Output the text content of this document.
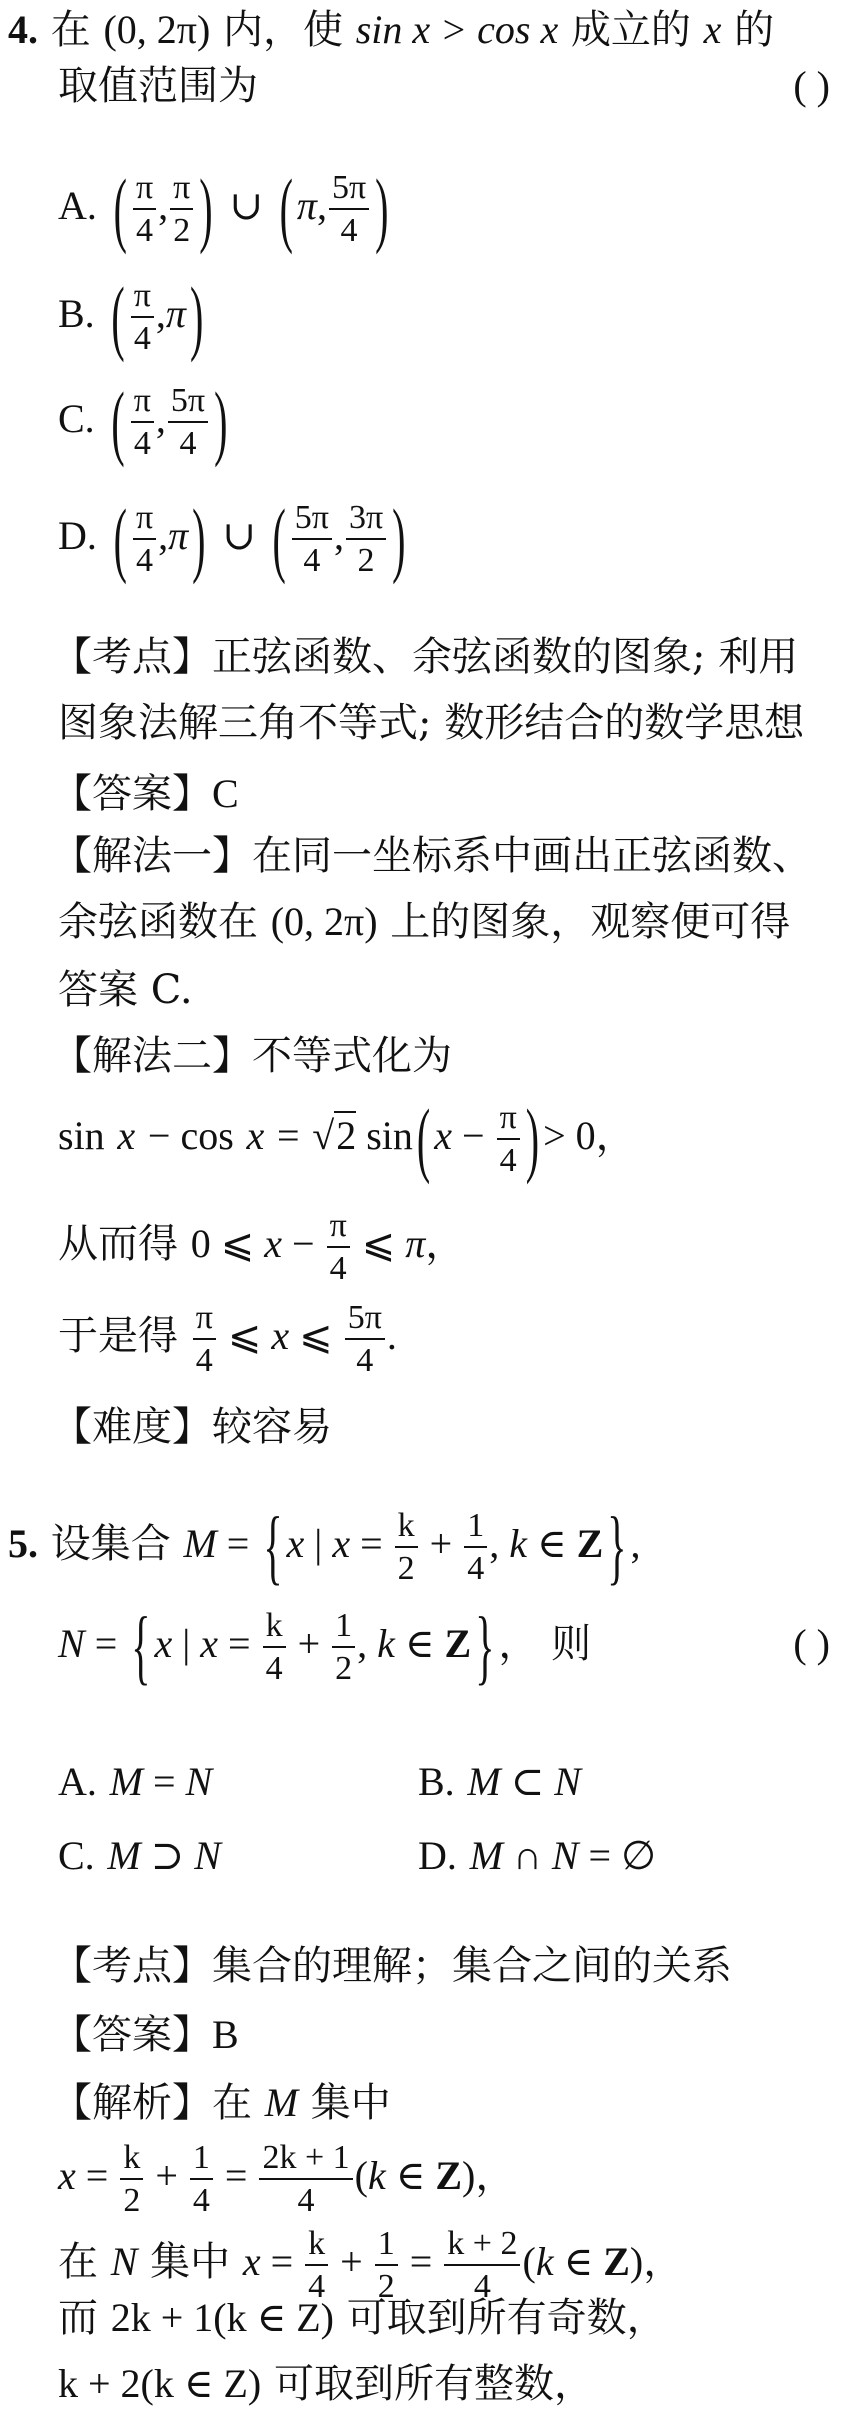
4. 在 (0, 2π) 内，使 sin x > cos x 成立的 x 的
取值范围为	( )
A. ( $\frac{\pi}{4}$ , $\frac{\pi}{2}$ ) ∪ ( π, $\frac{5\pi}{4}$ )
B. ( $\frac{\pi}{4} ,\pi$ )
C. ( $\frac{\pi}{4}$ , $\frac{5\pi}{4}$ )
D. ( $\frac{\pi}{4} ,\pi$ ) ∪ ( $\frac{5\pi}{4}$ , $\frac{3\pi}{2}$ )
【考点】正弦函数、余弦函数的图象; 利用
图象法解三角不等式; 数形结合的数学思想
【答案】C
【解法一】在同一坐标系中画出正弦函数、
余弦函数在 (0, 2π) 上的图象，观察便可得
答案 C.
【解法二】不等式化为
sin x − cos x = √2 sin ( $x - \frac{\pi}{4}$ ) > 0，
从而得 0 ⩽ $x - \frac{\pi}{4}$ ⩽ π，
于是得 $\frac{\pi}{4}$ ⩽ x ⩽ $\frac{5\pi}{4}$ .
【难度】较容易
5. 设集合 M = { x | $x = \frac{k}{2} + \frac{1}{4}$ , k ∈ Z } ,
N = { x | $x = \frac{k}{4} + \frac{1}{2}$ , k ∈ Z } ， 则	( )
A. M = N	B. M ⊂ N
C. M ⊃ N	D. M ∩ N = ∅
【考点】集合的理解；集合之间的关系
【答案】B
【解析】在 M 集中
$x = \frac{k}{2} + \frac{1}{4} = \frac{2k + 1}{4} (k$ ∈ Z)，
在 N 集中 $x = \frac{k}{4} + \frac{1}{2} = \frac{k + 2}{4} (k$ ∈ Z)，
而 2k + 1(k ∈ Z) 可取到所有奇数，
k + 2(k ∈ Z) 可取到所有整数，
